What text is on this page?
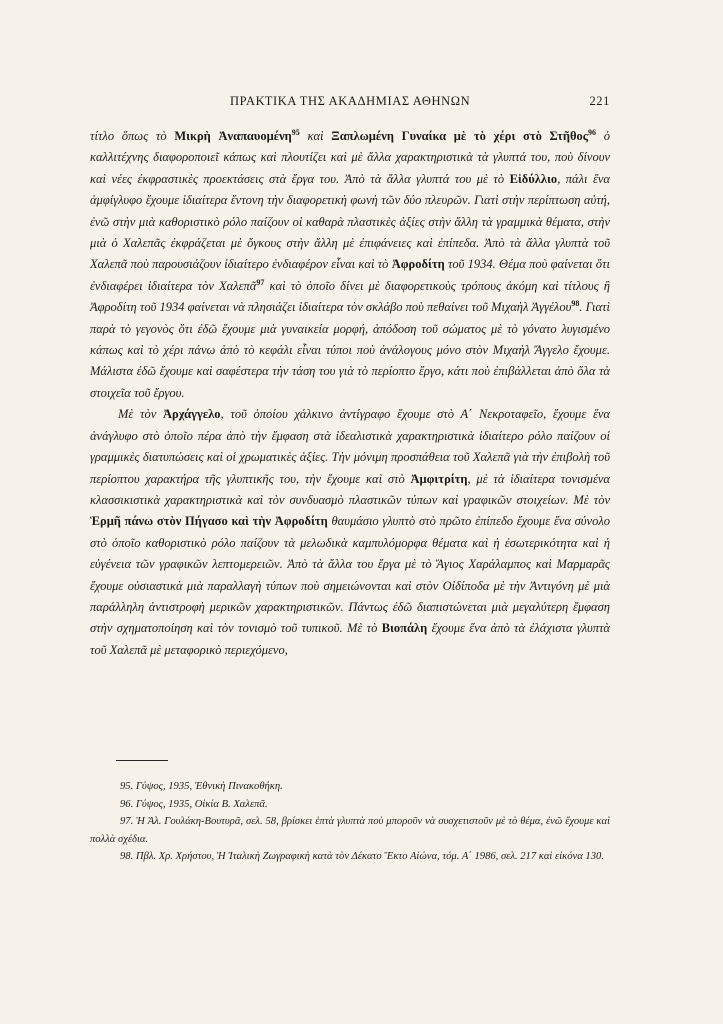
ΠΡΑΚΤΙΚΑ ΤΗΣ ΑΚΑΔΗΜΙΑΣ ΑΘΗΝΩΝ	221

τίτλο ὅπως τὸ Μικρὴ Ἀναπαυομένη$^{95}$ καὶ Ξαπλωμένη Γυναίκα μὲ τὸ χέρι στὸ Στῆθος$^{96}$ ὁ καλλιτέχνης διαφοροποιεῖ κάπως καὶ πλουτίζει καὶ μὲ ἄλλα χαρακτηριστικὰ τὰ γλυπτά του, ποὺ δίνουν καὶ νέες ἐκφραστικὲς προεκτάσεις στὰ ἔργα του. Ἀπὸ τὰ ἄλλα γλυπτά του μὲ τὸ Εἰδύλλιο, πάλι ἕνα ἀμφίγλυφο ἔχουμε ἰδιαίτερα ἔντονη τὴν διαφορετικὴ φωνὴ τῶν δύο πλευρῶν. Γιατὶ στὴν περίπτωση αὐτή, ἐνῶ στὴν μιὰ καθοριστικὸ ρόλο παίζουν οἱ καθαρὰ πλαστικὲς ἀξίες στὴν ἄλλη τὰ γραμμικὰ θέματα, στὴν μιὰ ὁ Χαλεπᾶς ἐκφράζεται μὲ ὄγκους στὴν ἄλλη μὲ ἐπιφάνειες καὶ ἐπίπεδα. Ἀπὸ τὰ ἄλλα γλυπτὰ τοῦ Χαλεπᾶ ποὺ παρουσιάζουν ἰδιαίτερο ἐνδιαφέρον εἶναι καὶ τὸ Ἀφροδίτη τοῦ 1934. Θέμα ποὺ φαίνεται ὅτι ἐνδιαφέρει ἰδιαίτερα τὸν Χαλεπᾶ$^{97}$ καὶ τὸ ὁποῖο δίνει μὲ διαφορετικοὺς τρόπους ἀκόμη καὶ τίτλους ἢ Ἀφροδίτη τοῦ 1934 φαίνεται νὰ πλησιάζει ἰδιαίτερα τὸν σκλάβο ποὺ πεθαίνει τοῦ Μιχαὴλ Ἀγγέλου$^{98}$. Γιατὶ παρὰ τὸ γεγονὸς ὅτι ἐδῶ ἔχουμε μιὰ γυναικεία μορφή, ἀπόδοση τοῦ σώματος μὲ τὸ γόνατο λυγισμένο κάπως καὶ τὸ χέρι πάνω ἀπὸ τὸ κεφάλι εἶναι τύποι ποὺ ἀνάλογους μόνο στὸν Μιχαὴλ Ἄγγελο ἔχουμε. Μάλιστα ἐδῶ ἔχουμε καὶ σαφέστερα τὴν τάση του γιὰ τὸ περίοπτο ἔργο, κάτι ποὺ ἐπιβάλλεται ἀπὸ ὅλα τὰ στοιχεῖα τοῦ ἔργου.

Μὲ τὸν Ἀρχάγγελο, τοῦ ὁποίου χάλκινο ἀντίγραφο ἔχουμε στὸ Α΄ Νεκροταφεῖο, ἔχουμε ἕνα ἀνάγλυφο στὸ ὁποῖο πέρα ἀπὸ τὴν ἔμφαση στὰ ἰδεαλιστικὰ χαρακτηριστικὰ ἰδιαίτερο ρόλο παίζουν οἱ γραμμικὲς διατυπώσεις καὶ οἱ χρωματικὲς ἀξίες. Τὴν μόνιμη προσπάθεια τοῦ Χαλεπᾶ γιὰ τὴν ἐπιβολὴ τοῦ περίοπτου χαρακτήρα τῆς γλυπτικῆς του, τὴν ἔχουμε καὶ στὸ Ἀμφιτρίτη, μὲ τὰ ἰδιαίτερα τονισμένα κλασσικιστικὰ χαρακτηριστικὰ καὶ τὸν συνδυασμὸ πλαστικῶν τύπων καὶ γραφικῶν στοιχείων. Μὲ τὸν Ἑρμῆ πάνω στὸν Πήγασο καὶ τὴν Ἀφροδίτη θαυμάσιο γλυπτὸ στὸ πρῶτο ἐπίπεδο ἔχουμε ἕνα σύνολο στὸ ὁποῖο καθοριστικὸ ρόλο παίζουν τὰ μελωδικὰ καμπυλόμορφα θέματα καὶ ἡ ἐσωτερικότητα καὶ ἡ εὐγένεια τῶν γραφικῶν λεπτομερειῶν. Ἀπὸ τὰ ἄλλα του ἔργα μὲ τὸ Ἅγιος Χαράλαμπος καὶ Μαρμαρᾶς ἔχουμε οὐσιαστικὰ μιὰ παραλλαγὴ τύπων ποὺ σημειώνονται καὶ στὸν Οἰδίποδα μὲ τὴν Ἀντιγόνη μὲ μιὰ παράλληλη ἀντιστροφὴ μερικῶν χαρακτηριστικῶν. Πάντως ἐδῶ διαπιστώνεται μιὰ μεγαλύτερη ἔμφαση στὴν σχηματοποίηση καὶ τὸν τονισμὸ τοῦ τυπικοῦ. Μὲ τὸ Βιοπάλη ἔχουμε ἕνα ἀπὸ τὰ ἐλάχιστα γλυπτὰ τοῦ Χαλεπᾶ μὲ μεταφορικὸ περιεχόμενο,

95. Γύψος, 1935, Ἐθνικὴ Πινακοθήκη.

96. Γύψος, 1935, Οἰκία Β. Χαλεπᾶ.

97. Ἡ Ἀλ. Γουλάκη-Βουτυρᾶ, σελ. 58, βρίσκει ἑπτὰ γλυπτὰ ποὺ μποροῦν νὰ συσχετιστοῦν μὲ τὸ θέμα, ἐνῶ ἔχουμε καὶ πολλὰ σχέδια.

98. Πβλ. Χρ. Χρήστου, Ἡ Ἰταλικὴ Ζωγραφικὴ κατὰ τὸν Δέκατο Ἕκτο Αἰώνα, τόμ. Α΄ 1986, σελ. 217 καὶ εἰκόνα 130.
